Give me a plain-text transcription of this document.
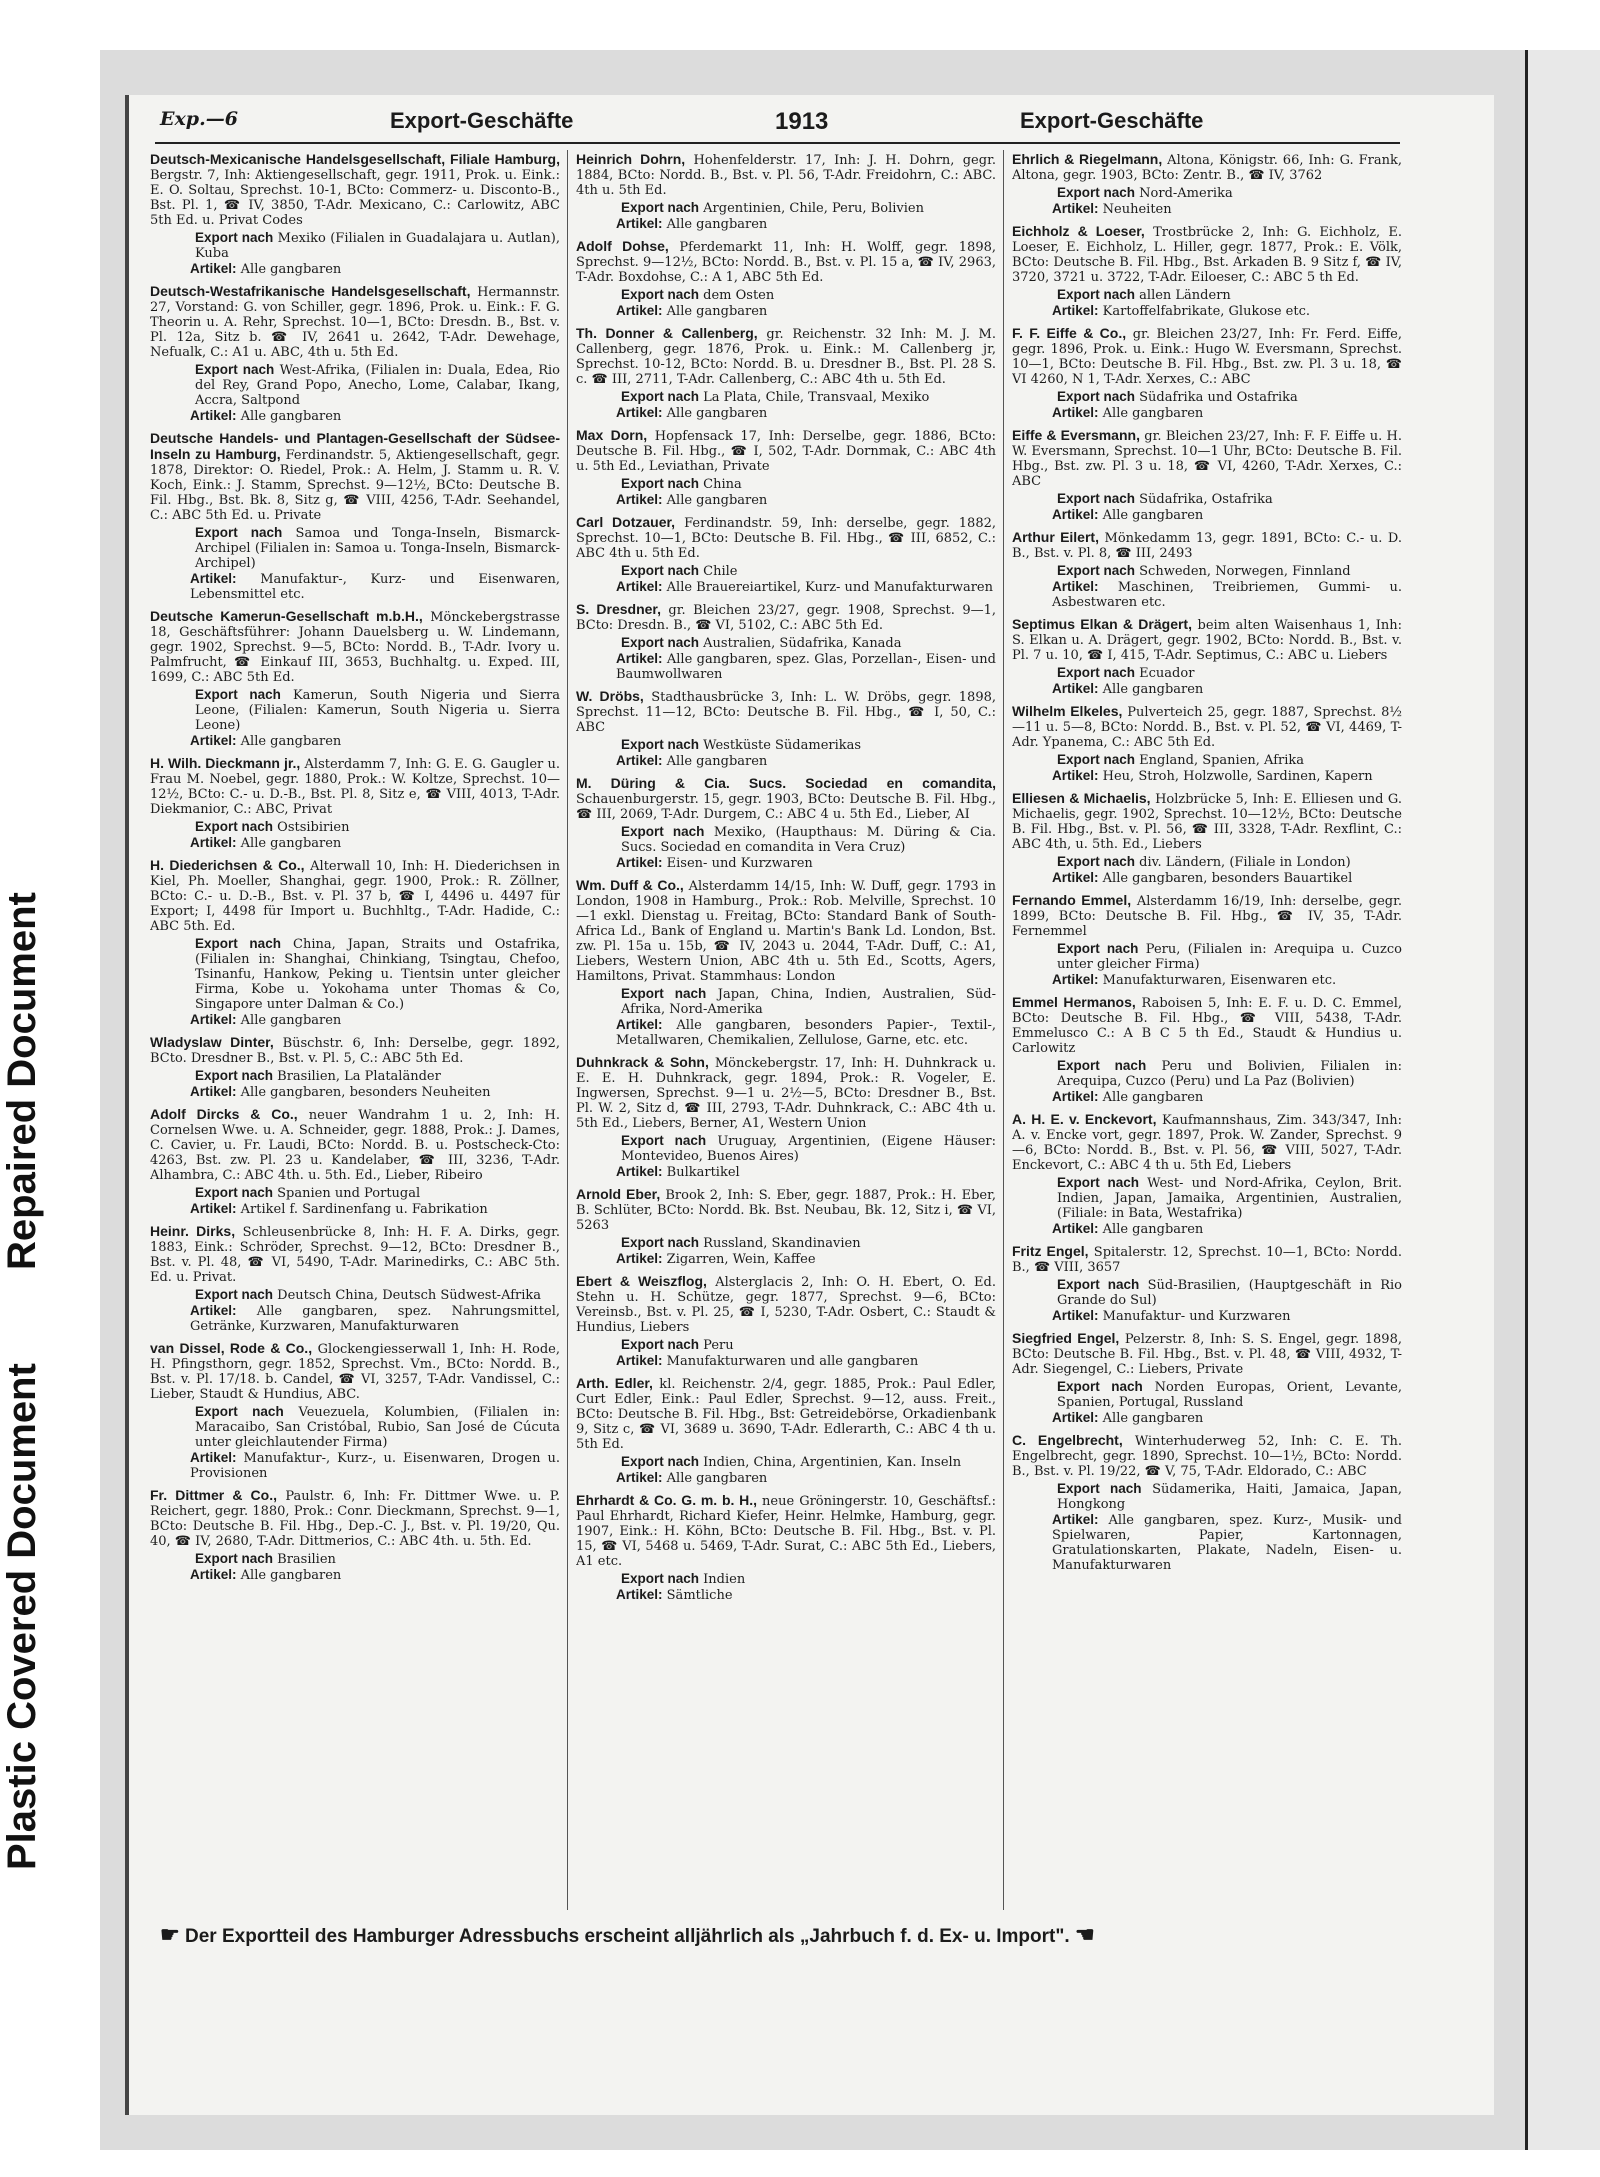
Repaired Document
Plastic Covered Document
Exp.—6	Export-Geschäfte	1913	Export-Geschäfte
Deutsch-Mexicanische Handelsgesellschaft, Filiale Hamburg, Bergstr. 7, Inh: Aktiengesellschaft, gegr. 1911, Prok. u. Eink.: E. O. Soltau, Sprechst. 10-1, BCto: Commerz- u. Disconto-B., Bst. Pl. 1, ☎ IV, 3850, T-Adr. Mexicano, C.: Carlowitz, ABC 5th Ed. u. Privat Codes
Export nach Mexiko (Filialen in Guadalajara u. Autlan), Kuba
Artikel: Alle gangbaren
Deutsch-Westafrikanische Handelsgesellschaft, Hermannstr. 27, Vorstand: G. von Schiller, gegr. 1896, Prok. u. Eink.: F. G. Theorin u. A. Rehr, Sprechst. 10—1, BCto: Dresdn. B., Bst. v. Pl. 12a, Sitz b. ☎ IV, 2641 u. 2642, T-Adr. Dewehage, Nefualk, C.: A1 u. ABC, 4th u. 5th Ed.
Export nach West-Afrika, (Filialen in: Duala, Edea, Rio del Rey, Grand Popo, Anecho, Lome, Calabar, Ikang, Accra, Saltpond
Artikel: Alle gangbaren
Deutsche Handels- und Plantagen-Gesellschaft der Südsee-Inseln zu Hamburg, Ferdinandstr. 5, Aktiengesellschaft, gegr. 1878, Direktor: O. Riedel, Prok.: A. Helm, J. Stamm u. R. V. Koch, Eink.: J. Stamm, Sprechst. 9—12½, BCto: Deutsche B. Fil. Hbg., Bst. Bk. 8, Sitz g, ☎ VIII, 4256, T-Adr. Seehandel, C.: ABC 5th Ed. u. Private
Export nach Samoa und Tonga-Inseln, Bismarck-Archipel (Filialen in: Samoa u. Tonga-Inseln, Bismarck-Archipel)
Artikel: Manufaktur-, Kurz- und Eisenwaren, Lebensmittel etc.
Deutsche Kamerun-Gesellschaft m.b.H., Mönckebergstrasse 18, Geschäftsführer: Johann Dauelsberg u. W. Lindemann, gegr. 1902, Sprechst. 9—5, BCto: Nordd. B., T-Adr. Ivory u. Palmfrucht, ☎ Einkauf III, 3653, Buchhaltg. u. Exped. III, 1699, C.: ABC 5th Ed.
Export nach Kamerun, South Nigeria und Sierra Leone, (Filialen: Kamerun, South Nigeria u. Sierra Leone)
Artikel: Alle gangbaren
H. Wilh. Dieckmann jr., Alsterdamm 7, Inh: G. E. G. Gaugler u. Frau M. Noebel, gegr. 1880, Prok.: W. Koltze, Sprechst. 10—12½, BCto: C.- u. D.-B., Bst. Pl. 8, Sitz e, ☎ VIII, 4013, T-Adr. Diekmanior, C.: ABC, Privat
Export nach Ostsibirien
Artikel: Alle gangbaren
H. Diederichsen & Co., Alterwall 10, Inh: H. Diederichsen in Kiel, Ph. Moeller, Shanghai, gegr. 1900, Prok.: R. Zöllner, BCto: C.- u. D.-B., Bst. v. Pl. 37 b, ☎ I, 4496 u. 4497 für Export; I, 4498 für Import u. Buchhltg., T-Adr. Hadide, C.: ABC 5th. Ed.
Export nach China, Japan, Straits und Ostafrika, (Filialen in: Shanghai, Chinkiang, Tsingtau, Chefoo, Tsinanfu, Hankow, Peking u. Tientsin unter gleicher Firma, Kobe u. Yokohama unter Thomas & Co, Singapore unter Dalman & Co.)
Artikel: Alle gangbaren
Wladyslaw Dinter, Büschstr. 6, Inh: Derselbe, gegr. 1892, BCto. Dresdner B., Bst. v. Pl. 5, C.: ABC 5th Ed.
Export nach Brasilien, La Plataländer
Artikel: Alle gangbaren, besonders Neuheiten
Adolf Dircks & Co., neuer Wandrahm 1 u. 2, Inh: H. Cornelsen Wwe. u. A. Schneider, gegr. 1888, Prok.: J. Dames, C. Cavier, u. Fr. Laudi, BCto: Nordd. B. u. Postscheck-Cto: 4263, Bst. zw. Pl. 23 u. Kandelaber, ☎ III, 3236, T-Adr. Alhambra, C.: ABC 4th. u. 5th. Ed., Lieber, Ribeiro
Export nach Spanien und Portugal
Artikel: Artikel f. Sardinenfang u. Fabrikation
Heinr. Dirks, Schleusenbrücke 8, Inh: H. F. A. Dirks, gegr. 1883, Eink.: Schröder, Sprechst. 9—12, BCto: Dresdner B., Bst. v. Pl. 48, ☎ VI, 5490, T-Adr. Marinedirks, C.: ABC 5th. Ed. u. Privat.
Export nach Deutsch China, Deutsch Südwest-Afrika
Artikel: Alle gangbaren, spez. Nahrungsmittel, Getränke, Kurzwaren, Manufakturwaren
van Dissel, Rode & Co., Glockengiesserwall 1, Inh: H. Rode, H. Pfingsthorn, gegr. 1852, Sprechst. Vm., BCto: Nordd. B., Bst. v. Pl. 17/18. b. Candel, ☎ VI, 3257, T-Adr. Vandissel, C.: Lieber, Staudt & Hundius, ABC.
Export nach Veuezuela, Kolumbien, (Filialen in: Maracaibo, San Cristóbal, Rubio, San José de Cúcuta unter gleichlautender Firma)
Artikel: Manufaktur-, Kurz-, u. Eisenwaren, Drogen u. Provisionen
Fr. Dittmer & Co., Paulstr. 6, Inh: Fr. Dittmer Wwe. u. P. Reichert, gegr. 1880, Prok.: Conr. Dieckmann, Sprechst. 9—1, BCto: Deutsche B. Fil. Hbg., Dep.-C. J., Bst. v. Pl. 19/20, Qu. 40, ☎ IV, 2680, T-Adr. Dittmerios, C.: ABC 4th. u. 5th. Ed.
Export nach Brasilien
Artikel: Alle gangbaren
Heinrich Dohrn, Hohenfelderstr. 17, Inh: J. H. Dohrn, gegr. 1884, BCto: Nordd. B., Bst. v. Pl. 56, T-Adr. Freidohrn, C.: ABC. 4th u. 5th Ed.
Export nach Argentinien, Chile, Peru, Bolivien
Artikel: Alle gangbaren
Adolf Dohse, Pferdemarkt 11, Inh: H. Wolff, gegr. 1898, Sprechst. 9—12½, BCto: Nordd. B., Bst. v. Pl. 15 a, ☎ IV, 2963, T-Adr. Boxdohse, C.: A 1, ABC 5th Ed.
Export nach dem Osten
Artikel: Alle gangbaren
Th. Donner & Callenberg, gr. Reichenstr. 32 Inh: M. J. M. Callenberg, gegr. 1876, Prok. u. Eink.: M. Callenberg jr, Sprechst. 10-12, BCto: Nordd. B. u. Dresdner B., Bst. Pl. 28 S. c. ☎ III, 2711, T-Adr. Callenberg, C.: ABC 4th u. 5th Ed.
Export nach La Plata, Chile, Transvaal, Mexiko
Artikel: Alle gangbaren
Max Dorn, Hopfensack 17, Inh: Derselbe, gegr. 1886, BCto: Deutsche B. Fil. Hbg., ☎ I, 502, T-Adr. Dornmak, C.: ABC 4th u. 5th Ed., Leviathan, Private
Export nach China
Artikel: Alle gangbaren
Carl Dotzauer, Ferdinandstr. 59, Inh: derselbe, gegr. 1882, Sprechst. 10—1, BCto: Deutsche B. Fil. Hbg., ☎ III, 6852, C.: ABC 4th u. 5th Ed.
Export nach Chile
Artikel: Alle Brauereiartikel, Kurz- und Manufakturwaren
S. Dresdner, gr. Bleichen 23/27, gegr. 1908, Sprechst. 9—1, BCto: Dresdn. B., ☎ VI, 5102, C.: ABC 5th Ed.
Export nach Australien, Südafrika, Kanada
Artikel: Alle gangbaren, spez. Glas, Porzellan-, Eisen- und Baumwollwaren
W. Dröbs, Stadthausbrücke 3, Inh: L. W. Dröbs, gegr. 1898, Sprechst. 11—12, BCto: Deutsche B. Fil. Hbg., ☎ I, 50, C.: ABC
Export nach Westküste Südamerikas
Artikel: Alle gangbaren
M. Düring & Cia. Sucs. Sociedad en comandita, Schauenburgerstr. 15, gegr. 1903, BCto: Deutsche B. Fil. Hbg., ☎ III, 2069, T-Adr. Durgem, C.: ABC 4 u. 5th Ed., Lieber, AI
Export nach Mexiko, (Haupthaus: M. Düring & Cia. Sucs. Sociedad en comandita in Vera Cruz)
Artikel: Eisen- und Kurzwaren
Wm. Duff & Co., Alsterdamm 14/15, Inh: W. Duff, gegr. 1793 in London, 1908 in Hamburg., Prok.: Rob. Melville, Sprechst. 10—1 exkl. Dienstag u. Freitag, BCto: Standard Bank of South-Africa Ld., Bank of England u. Martin's Bank Ld. London, Bst. zw. Pl. 15a u. 15b, ☎ IV, 2043 u. 2044, T-Adr. Duff, C.: A1, Liebers, Western Union, ABC 4th u. 5th Ed., Scotts, Agers, Hamiltons, Privat. Stammhaus: London
Export nach Japan, China, Indien, Australien, Süd-Afrika, Nord-Amerika
Artikel: Alle gangbaren, besonders Papier-, Textil-, Metallwaren, Chemikalien, Zellulose, Garne, etc. etc.
Duhnkrack & Sohn, Mönckebergstr. 17, Inh: H. Duhnkrack u. E. E. H. Duhnkrack, gegr. 1894, Prok.: R. Vogeler, E. Ingwersen, Sprechst. 9—1 u. 2½—5, BCto: Dresdner B., Bst. Pl. W. 2, Sitz d, ☎ III, 2793, T-Adr. Duhnkrack, C.: ABC 4th u. 5th Ed., Liebers, Berner, A1, Western Union
Export nach Uruguay, Argentinien, (Eigene Häuser: Montevideo, Buenos Aires)
Artikel: Bulkartikel
Arnold Eber, Brook 2, Inh: S. Eber, gegr. 1887, Prok.: H. Eber, B. Schlüter, BCto: Nordd. Bk. Bst. Neubau, Bk. 12, Sitz i, ☎ VI, 5263
Export nach Russland, Skandinavien
Artikel: Zigarren, Wein, Kaffee
Ebert & Weiszflog, Alsterglacis 2, Inh: O. H. Ebert, O. Ed. Stehn u. H. Schütze, gegr. 1877, Sprechst. 9—6, BCto: Vereinsb., Bst. v. Pl. 25, ☎ I, 5230, T-Adr. Osbert, C.: Staudt & Hundius, Liebers
Export nach Peru
Artikel: Manufakturwaren und alle gangbaren
Arth. Edler, kl. Reichenstr. 2/4, gegr. 1885, Prok.: Paul Edler, Curt Edler, Eink.: Paul Edler, Sprechst. 9—12, auss. Freit., BCto: Deutsche B. Fil. Hbg., Bst: Getreidebörse, Orkadienbank 9, Sitz c, ☎ VI, 3689 u. 3690, T-Adr. Edlerarth, C.: ABC 4 th u. 5th Ed.
Export nach Indien, China, Argentinien, Kan. Inseln
Artikel: Alle gangbaren
Ehrhardt & Co. G. m. b. H., neue Gröningerstr. 10, Geschäftsf.: Paul Ehrhardt, Richard Kiefer, Heinr. Helmke, Hamburg, gegr. 1907, Eink.: H. Köhn, BCto: Deutsche B. Fil. Hbg., Bst. v. Pl. 15, ☎ VI, 5468 u. 5469, T-Adr. Surat, C.: ABC 5th Ed., Liebers, A1 etc.
Export nach Indien
Artikel: Sämtliche
Ehrlich & Riegelmann, Altona, Königstr. 66, Inh: G. Frank, Altona, gegr. 1903, BCto: Zentr. B., ☎ IV, 3762
Export nach Nord-Amerika
Artikel: Neuheiten
Eichholz & Loeser, Trostbrücke 2, Inh: G. Eichholz, E. Loeser, E. Eichholz, L. Hiller, gegr. 1877, Prok.: E. Völk, BCto: Deutsche B. Fil. Hbg., Bst. Arkaden B. 9 Sitz f, ☎ IV, 3720, 3721 u. 3722, T-Adr. Eiloeser, C.: ABC 5 th Ed.
Export nach allen Ländern
Artikel: Kartoffelfabrikate, Glukose etc.
F. F. Eiffe & Co., gr. Bleichen 23/27, Inh: Fr. Ferd. Eiffe, gegr. 1896, Prok. u. Eink.: Hugo W. Eversmann, Sprechst. 10—1, BCto: Deutsche B. Fil. Hbg., Bst. zw. Pl. 3 u. 18, ☎ VI 4260, N 1, T-Adr. Xerxes, C.: ABC
Export nach Südafrika und Ostafrika
Artikel: Alle gangbaren
Eiffe & Eversmann, gr. Bleichen 23/27, Inh: F. F. Eiffe u. H. W. Eversmann, Sprechst. 10—1 Uhr, BCto: Deutsche B. Fil. Hbg., Bst. zw. Pl. 3 u. 18, ☎ VI, 4260, T-Adr. Xerxes, C.: ABC
Export nach Südafrika, Ostafrika
Artikel: Alle gangbaren
Arthur Eilert, Mönkedamm 13, gegr. 1891, BCto: C.- u. D. B., Bst. v. Pl. 8, ☎ III, 2493
Export nach Schweden, Norwegen, Finnland
Artikel: Maschinen, Treibriemen, Gummi- u. Asbestwaren etc.
Septimus Elkan & Drägert, beim alten Waisenhaus 1, Inh: S. Elkan u. A. Drägert, gegr. 1902, BCto: Nordd. B., Bst. v. Pl. 7 u. 10, ☎ I, 415, T-Adr. Septimus, C.: ABC u. Liebers
Export nach Ecuador
Artikel: Alle gangbaren
Wilhelm Elkeles, Pulverteich 25, gegr. 1887, Sprechst. 8½—11 u. 5—8, BCto: Nordd. B., Bst. v. Pl. 52, ☎ VI, 4469, T-Adr. Ypanema, C.: ABC 5th Ed.
Export nach England, Spanien, Afrika
Artikel: Heu, Stroh, Holzwolle, Sardinen, Kapern
Elliesen & Michaelis, Holzbrücke 5, Inh: E. Elliesen und G. Michaelis, gegr. 1902, Sprechst. 10—12½, BCto: Deutsche B. Fil. Hbg., Bst. v. Pl. 56, ☎ III, 3328, T-Adr. Rexflint, C.: ABC 4th, u. 5th. Ed., Liebers
Export nach div. Ländern, (Filiale in London)
Artikel: Alle gangbaren, besonders Bauartikel
Fernando Emmel, Alsterdamm 16/19, Inh: derselbe, gegr. 1899, BCto: Deutsche B. Fil. Hbg., ☎ IV, 35, T-Adr. Fernemmel
Export nach Peru, (Filialen in: Arequipa u. Cuzco unter gleicher Firma)
Artikel: Manufakturwaren, Eisenwaren etc.
Emmel Hermanos, Raboisen 5, Inh: E. F. u. D. C. Emmel, BCto: Deutsche B. Fil. Hbg., ☎ VIII, 5438, T-Adr. Emmelusco C.: A B C 5 th Ed., Staudt & Hundius u. Carlowitz
Export nach Peru und Bolivien, Filialen in: Arequipa, Cuzco (Peru) und La Paz (Bolivien)
Artikel: Alle gangbaren
A. H. E. v. Enckevort, Kaufmannshaus, Zim. 343/347, Inh: A. v. Encke vort, gegr. 1897, Prok. W. Zander, Sprechst. 9—6, BCto: Nordd. B., Bst. v. Pl. 56, ☎ VIII, 5027, T-Adr. Enckevort, C.: ABC 4 th u. 5th Ed, Liebers
Export nach West- und Nord-Afrika, Ceylon, Brit. Indien, Japan, Jamaika, Argentinien, Australien, (Filiale: in Bata, Westafrika)
Artikel: Alle gangbaren
Fritz Engel, Spitalerstr. 12, Sprechst. 10—1, BCto: Nordd. B., ☎ VIII, 3657
Export nach Süd-Brasilien, (Hauptgeschäft in Rio Grande do Sul)
Artikel: Manufaktur- und Kurzwaren
Siegfried Engel, Pelzerstr. 8, Inh: S. S. Engel, gegr. 1898, BCto: Deutsche B. Fil. Hbg., Bst. v. Pl. 48, ☎ VIII, 4932, T-Adr. Siegengel, C.: Liebers, Private
Export nach Norden Europas, Orient, Levante, Spanien, Portugal, Russland
Artikel: Alle gangbaren
C. Engelbrecht, Winterhuderweg 52, Inh: C. E. Th. Engelbrecht, gegr. 1890, Sprechst. 10—1½, BCto: Nordd. B., Bst. v. Pl. 19/22, ☎ V, 75, T-Adr. Eldorado, C.: ABC
Export nach Südamerika, Haiti, Jamaica, Japan, Hongkong
Artikel: Alle gangbaren, spez. Kurz-, Musik- und Spielwaren, Papier, Kartonnagen, Gratulationskarten, Plakate, Nadeln, Eisen- u. Manufakturwaren
☛ Der Exportteil des Hamburger Adressbuchs erscheint alljährlich als „Jahrbuch f. d. Ex- u. Import". ☚
